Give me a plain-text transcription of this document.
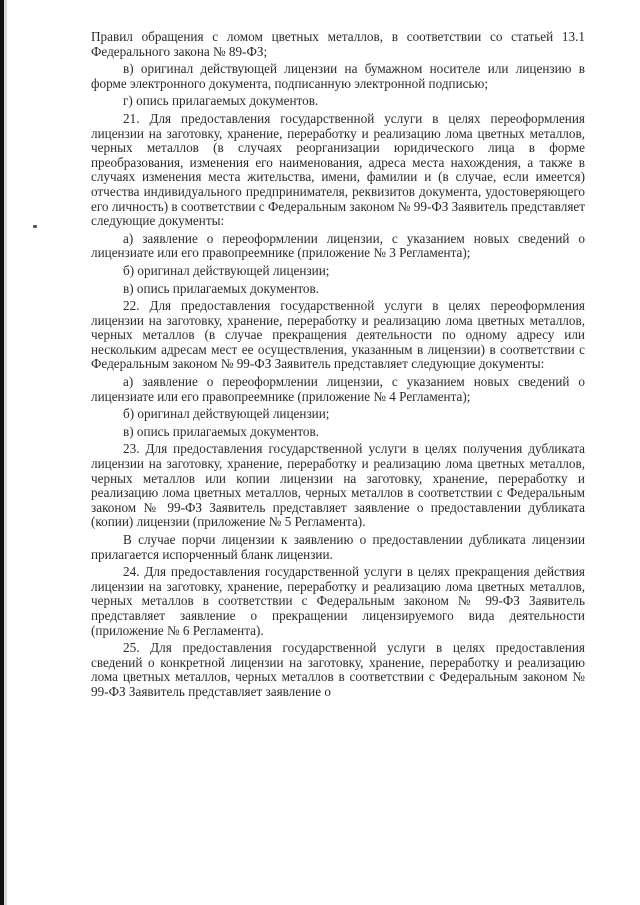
Правил обращения с ломом цветных металлов, в соответствии со статьей 13.1 Федерального закона № 89-ФЗ;

в) оригинал действующей лицензии на бумажном носителе или лицензию в форме электронного документа, подписанную электронной подписью;

г) опись прилагаемых документов.

21. Для предоставления государственной услуги в целях переоформления лицензии на заготовку, хранение, переработку и реализацию лома цветных металлов, черных металлов (в случаях реорганизации юридического лица в форме преобразования, изменения его наименования, адреса места нахождения, а также в случаях изменения места жительства, имени, фамилии и (в случае, если имеется) отчества индивидуального предпринимателя, реквизитов документа, удостоверяющего его личность) в соответствии с Федеральным законом № 99-ФЗ Заявитель представляет следующие документы:

а) заявление о переоформлении лицензии, с указанием новых сведений о лицензиате или его правопреемнике (приложение № 3 Регламента);

б) оригинал действующей лицензии;

в) опись прилагаемых документов.

22. Для предоставления государственной услуги в целях переоформления лицензии на заготовку, хранение, переработку и реализацию лома цветных металлов, черных металлов (в случае прекращения деятельности по одному адресу или нескольким адресам мест ее осуществления, указанным в лицензии) в соответствии с Федеральным законом № 99-ФЗ Заявитель представляет следующие документы:

а) заявление о переоформлении лицензии, с указанием новых сведений о лицензиате или его правопреемнике (приложение № 4 Регламента);

б) оригинал действующей лицензии;

в) опись прилагаемых документов.

23. Для предоставления государственной услуги в целях получения дубликата лицензии на заготовку, хранение, переработку и реализацию лома цветных металлов, черных металлов или копии лицензии на заготовку, хранение, переработку и реализацию лома цветных металлов, черных металлов в соответствии с Федеральным законом № 99-ФЗ Заявитель представляет заявление о предоставлении дубликата (копии) лицензии (приложение № 5 Регламента).

В случае порчи лицензии к заявлению о предоставлении дубликата лицензии прилагается испорченный бланк лицензии.

24. Для предоставления государственной услуги в целях прекращения действия лицензии на заготовку, хранение, переработку и реализацию лома цветных металлов, черных металлов в соответствии с Федеральным законом № 99-ФЗ Заявитель представляет заявление о прекращении лицензируемого вида деятельности (приложение № 6 Регламента).

25. Для предоставления государственной услуги в целях предоставления сведений о конкретной лицензии на заготовку, хранение, переработку и реализацию лома цветных металлов, черных металлов в соответствии с Федеральным законом № 99-ФЗ Заявитель представляет заявление о
